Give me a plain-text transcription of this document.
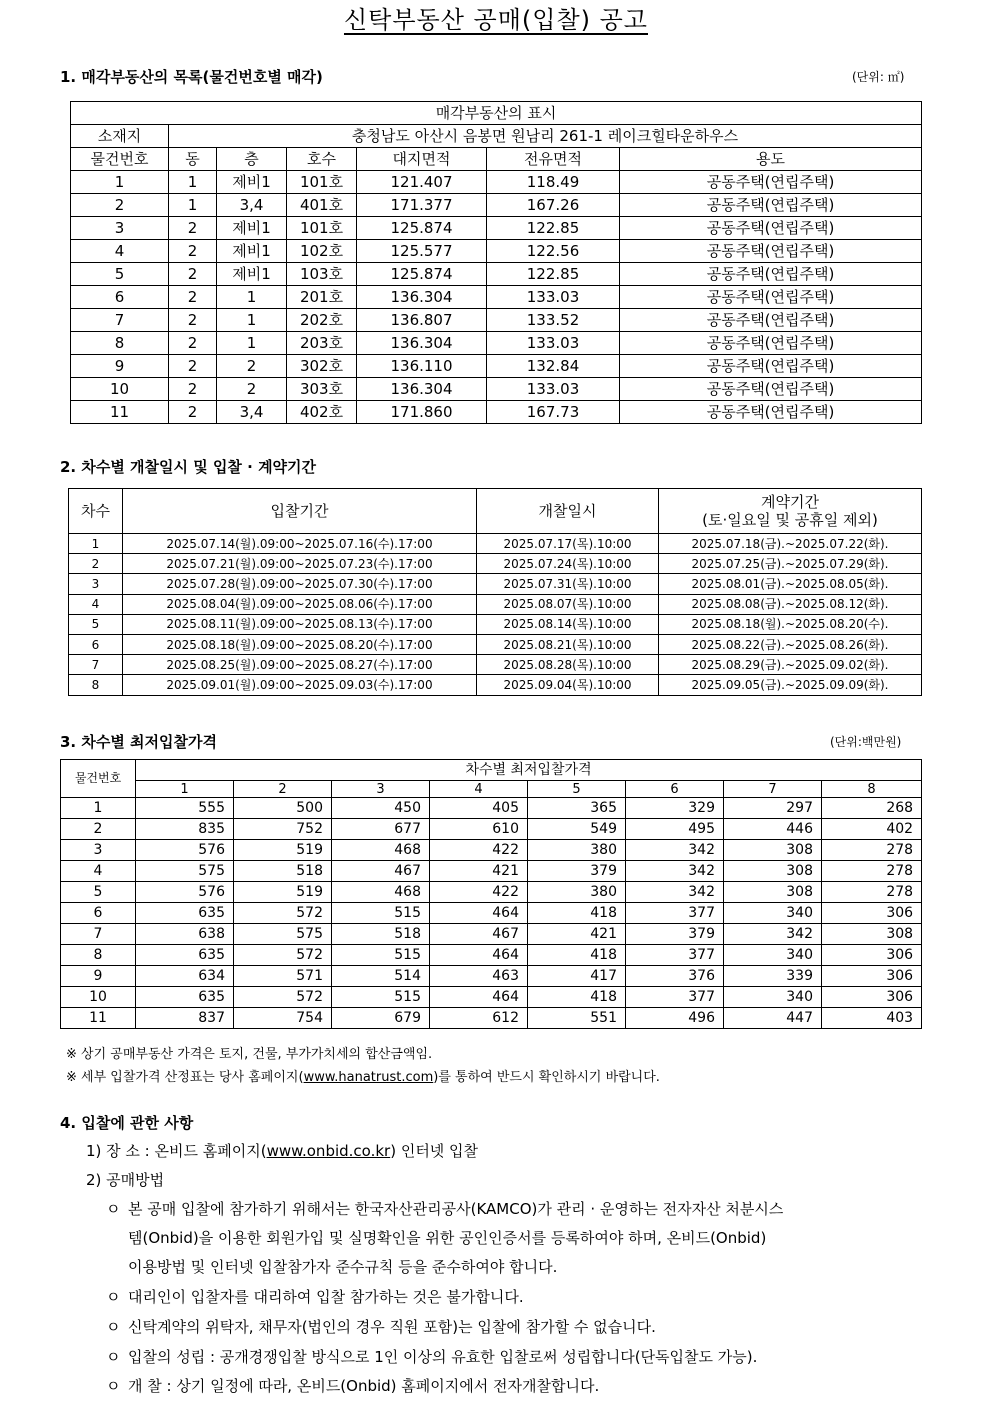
신탁부동산 공매(입찰) 공고
1. 매각부동산의 목록(물건번호별 매각)	(단위: ㎡)
매각부동산의 표시						
소재지	충청남도 아산시 음봉면 원남리 261-1 레이크힐타운하우스					
물건번호	동	층	호수	대지면적	전유면적	용도
1	1	제비1	101호	121.407	118.49	공동주택(연립주택)
2	1	3,4	401호	171.377	167.26	공동주택(연립주택)
3	2	제비1	101호	125.874	122.85	공동주택(연립주택)
4	2	제비1	102호	125.577	122.56	공동주택(연립주택)
5	2	제비1	103호	125.874	122.85	공동주택(연립주택)
6	2	1	201호	136.304	133.03	공동주택(연립주택)
7	2	1	202호	136.807	133.52	공동주택(연립주택)
8	2	1	203호	136.304	133.03	공동주택(연립주택)
9	2	2	302호	136.110	132.84	공동주택(연립주택)
10	2	2	303호	136.304	133.03	공동주택(연립주택)
11	2	3,4	402호	171.860	167.73	공동주택(연립주택)
2. 차수별 개찰일시 및 입찰 · 계약기간
차수	입찰기간	개찰일시	계약기간
(토·일요일 및 공휴일 제외)

1	2025.07.14(월).09:00~2025.07.16(수).17:00	2025.07.17(목).10:00	2025.07.18(금).~2025.07.22(화).
2	2025.07.21(월).09:00~2025.07.23(수).17:00	2025.07.24(목).10:00	2025.07.25(금).~2025.07.29(화).
3	2025.07.28(월).09:00~2025.07.30(수).17:00	2025.07.31(목).10:00	2025.08.01(금).~2025.08.05(화).
4	2025.08.04(월).09:00~2025.08.06(수).17:00	2025.08.07(목).10:00	2025.08.08(금).~2025.08.12(화).
5	2025.08.11(월).09:00~2025.08.13(수).17:00	2025.08.14(목).10:00	2025.08.18(월).~2025.08.20(수).
6	2025.08.18(월).09:00~2025.08.20(수).17:00	2025.08.21(목).10:00	2025.08.22(금).~2025.08.26(화).
7	2025.08.25(월).09:00~2025.08.27(수).17:00	2025.08.28(목).10:00	2025.08.29(금).~2025.09.02(화).
8	2025.09.01(월).09:00~2025.09.03(수).17:00	2025.09.04(목).10:00	2025.09.05(금).~2025.09.09(화).
3. 차수별 최저입찰가격	(단위:백만원)
물건번호	차수별 최저입찰가격							
	1	2	3	4	5	6	7	8
1	555	500	450	405	365	329	297	268
2	835	752	677	610	549	495	446	402
3	576	519	468	422	380	342	308	278
4	575	518	467	421	379	342	308	278
5	576	519	468	422	380	342	308	278
6	635	572	515	464	418	377	340	306
7	638	575	518	467	421	379	342	308
8	635	572	515	464	418	377	340	306
9	634	571	514	463	417	376	339	306
10	635	572	515	464	418	377	340	306
11	837	754	679	612	551	496	447	403
※ 상기 공매부동산 가격은 토지, 건물, 부가가치세의 합산금액임.
※ 세부 입찰가격 산정표는 당사 홈페이지(www.hanatrust.com)를 통하여 반드시 확인하시기 바랍니다.
4. 입찰에 관한 사항
1) 장 소 : 온비드 홈페이지(www.onbid.co.kr) 인터넷 입찰
2) 공매방법
ㅇ 본 공매 입찰에 참가하기 위해서는 한국자산관리공사(KAMCO)가 관리 · 운영하는 전자자산 처분시스
템(Onbid)을 이용한 회원가입 및 실명확인을 위한 공인인증서를 등록하여야 하며, 온비드(Onbid)
이용방법 및 인터넷 입찰참가자 준수규칙 등을 준수하여야 합니다.
ㅇ 대리인이 입찰자를 대리하여 입찰 참가하는 것은 불가합니다.
ㅇ 신탁계약의 위탁자, 채무자(법인의 경우 직원 포함)는 입찰에 참가할 수 없습니다.
ㅇ 입찰의 성립 : 공개경쟁입찰 방식으로 1인 이상의 유효한 입찰로써 성립합니다(단독입찰도 가능).
ㅇ 개 찰 : 상기 일정에 따라, 온비드(Onbid) 홈페이지에서 전자개찰합니다.
